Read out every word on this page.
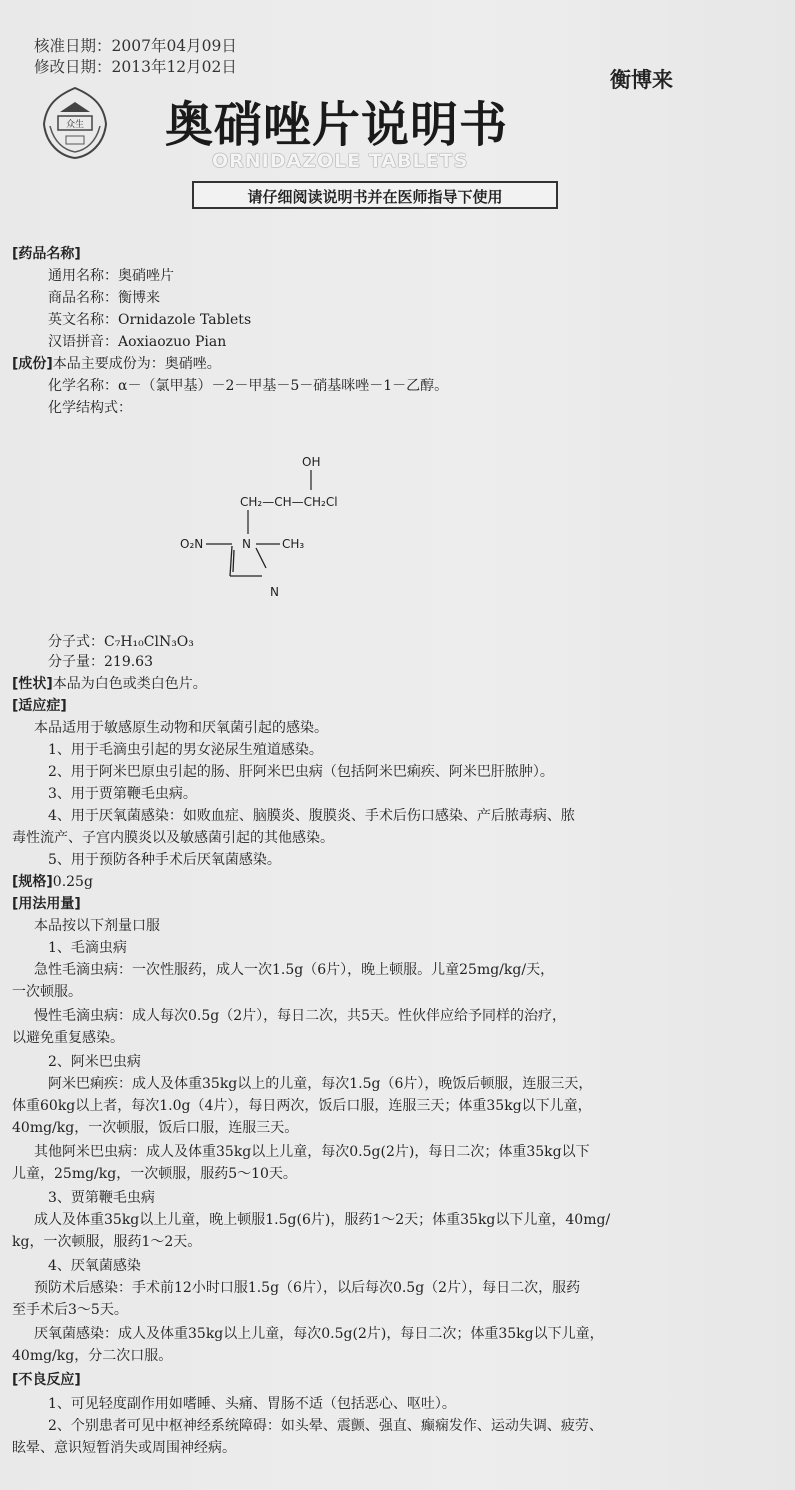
核准日期：2007年04月09日
修改日期：2013年12月02日
众生
衡博来
奥硝唑片说明书
ORNIDAZOLE TABLETS
请仔细阅读说明书并在医师指导下使用
[药品名称]
通用名称：奥硝唑片
商品名称：衡博来
英文名称：Ornidazole Tablets
汉语拼音：Aoxiaozuo Pian
[成份]本品主要成份为：奥硝唑。
化学名称：α－（氯甲基）－2－甲基－5－硝基咪唑－1－乙醇。
化学结构式：
分子式：C₇H₁₀ClN₃O₃
分子量：219.63
[性状]本品为白色或类白色片。
[适应症]
本品适用于敏感原生动物和厌氧菌引起的感染。
1、用于毛滴虫引起的男女泌尿生殖道感染。
2、用于阿米巴原虫引起的肠、肝阿米巴虫病（包括阿米巴痢疾、阿米巴肝脓肿）。
3、用于贾第鞭毛虫病。
4、用于厌氧菌感染：如败血症、脑膜炎、腹膜炎、手术后伤口感染、产后脓毒病、脓
毒性流产、子宫内膜炎以及敏感菌引起的其他感染。
5、用于预防各种手术后厌氧菌感染。
[规格]0.25g
[用法用量]
本品按以下剂量口服
1、毛滴虫病
急性毛滴虫病：一次性服药，成人一次1.5g（6片），晚上顿服。儿童25mg/kg/天，
一次顿服。
慢性毛滴虫病：成人每次0.5g（2片），每日二次，共5天。性伙伴应给予同样的治疗，
以避免重复感染。
2、阿米巴虫病
阿米巴痢疾：成人及体重35kg以上的儿童，每次1.5g（6片），晚饭后顿服，连服三天，
体重60kg以上者，每次1.0g（4片），每日两次，饭后口服，连服三天；体重35kg以下儿童，
40mg/kg，一次顿服，饭后口服，连服三天。
其他阿米巴虫病：成人及体重35kg以上儿童，每次0.5g(2片)，每日二次；体重35kg以下
儿童，25mg/kg，一次顿服，服药5～10天。
3、贾第鞭毛虫病
成人及体重35kg以上儿童，晚上顿服1.5g(6片)，服药1～2天；体重35kg以下儿童，40mg/
kg，一次顿服，服药1～2天。
4、厌氧菌感染
预防术后感染：手术前12小时口服1.5g（6片），以后每次0.5g（2片），每日二次，服药
至手术后3～5天。
厌氧菌感染：成人及体重35kg以上儿童，每次0.5g(2片)，每日二次；体重35kg以下儿童，
40mg/kg，分二次口服。
[不良反应]
1、可见轻度副作用如嗜睡、头痛、胃肠不适（包括恶心、呕吐）。
2、个别患者可见中枢神经系统障碍：如头晕、震颤、强直、癫痫发作、运动失调、疲劳、
眩晕、意识短暂消失或周围神经病。
OH
CH₂—CH—CH₂Cl
O₂N	N	CH₃
N
